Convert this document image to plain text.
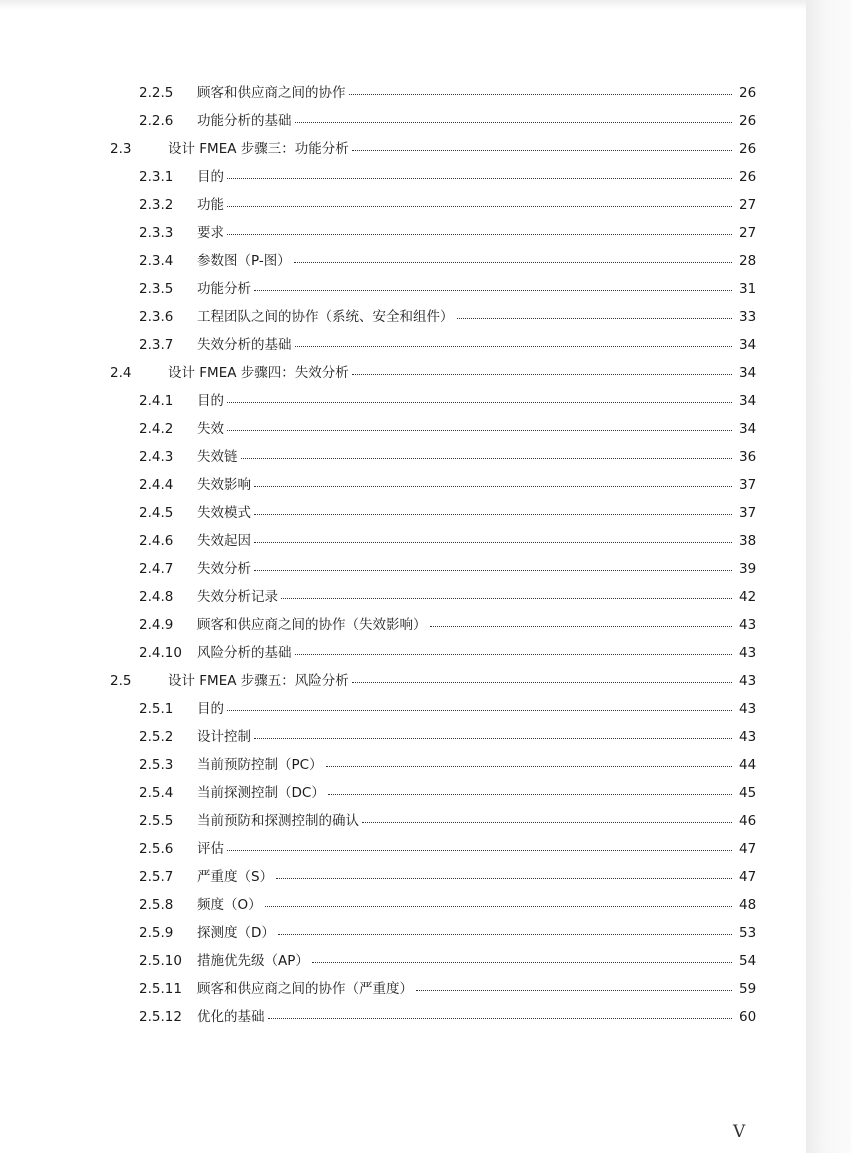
2.2.5 顾客和供应商之间的协作	26
2.2.6 功能分析的基础	26
2.3	设计 FMEA 步骤三：功能分析	26
2.3.1 目的	26
2.3.2 功能	27
2.3.3 要求	27
2.3.4 参数图（P-图）	28
2.3.5 功能分析	31
2.3.6 工程团队之间的协作（系统、安全和组件）	33
2.3.7 失效分析的基础	34
2.4	设计 FMEA 步骤四：失效分析	34
2.4.1 目的	34
2.4.2 失效	34
2.4.3 失效链	36
2.4.4 失效影响	37
2.4.5 失效模式	37
2.4.6 失效起因	38
2.4.7 失效分析	39
2.4.8 失效分析记录	42
2.4.9 顾客和供应商之间的协作（失效影响）	43
2.4.10 风险分析的基础	43
2.5	设计 FMEA 步骤五：风险分析	43
2.5.1 目的	43
2.5.2 设计控制	43
2.5.3 当前预防控制（PC）	44
2.5.4 当前探测控制（DC）	45
2.5.5 当前预防和探测控制的确认	46
2.5.6 评估	47
2.5.7 严重度（S）	47
2.5.8 频度（O）	48
2.5.9 探测度（D）	53
2.5.10 措施优先级（AP）	54
2.5.11 顾客和供应商之间的协作（严重度）	59
2.5.12 优化的基础	60
V
